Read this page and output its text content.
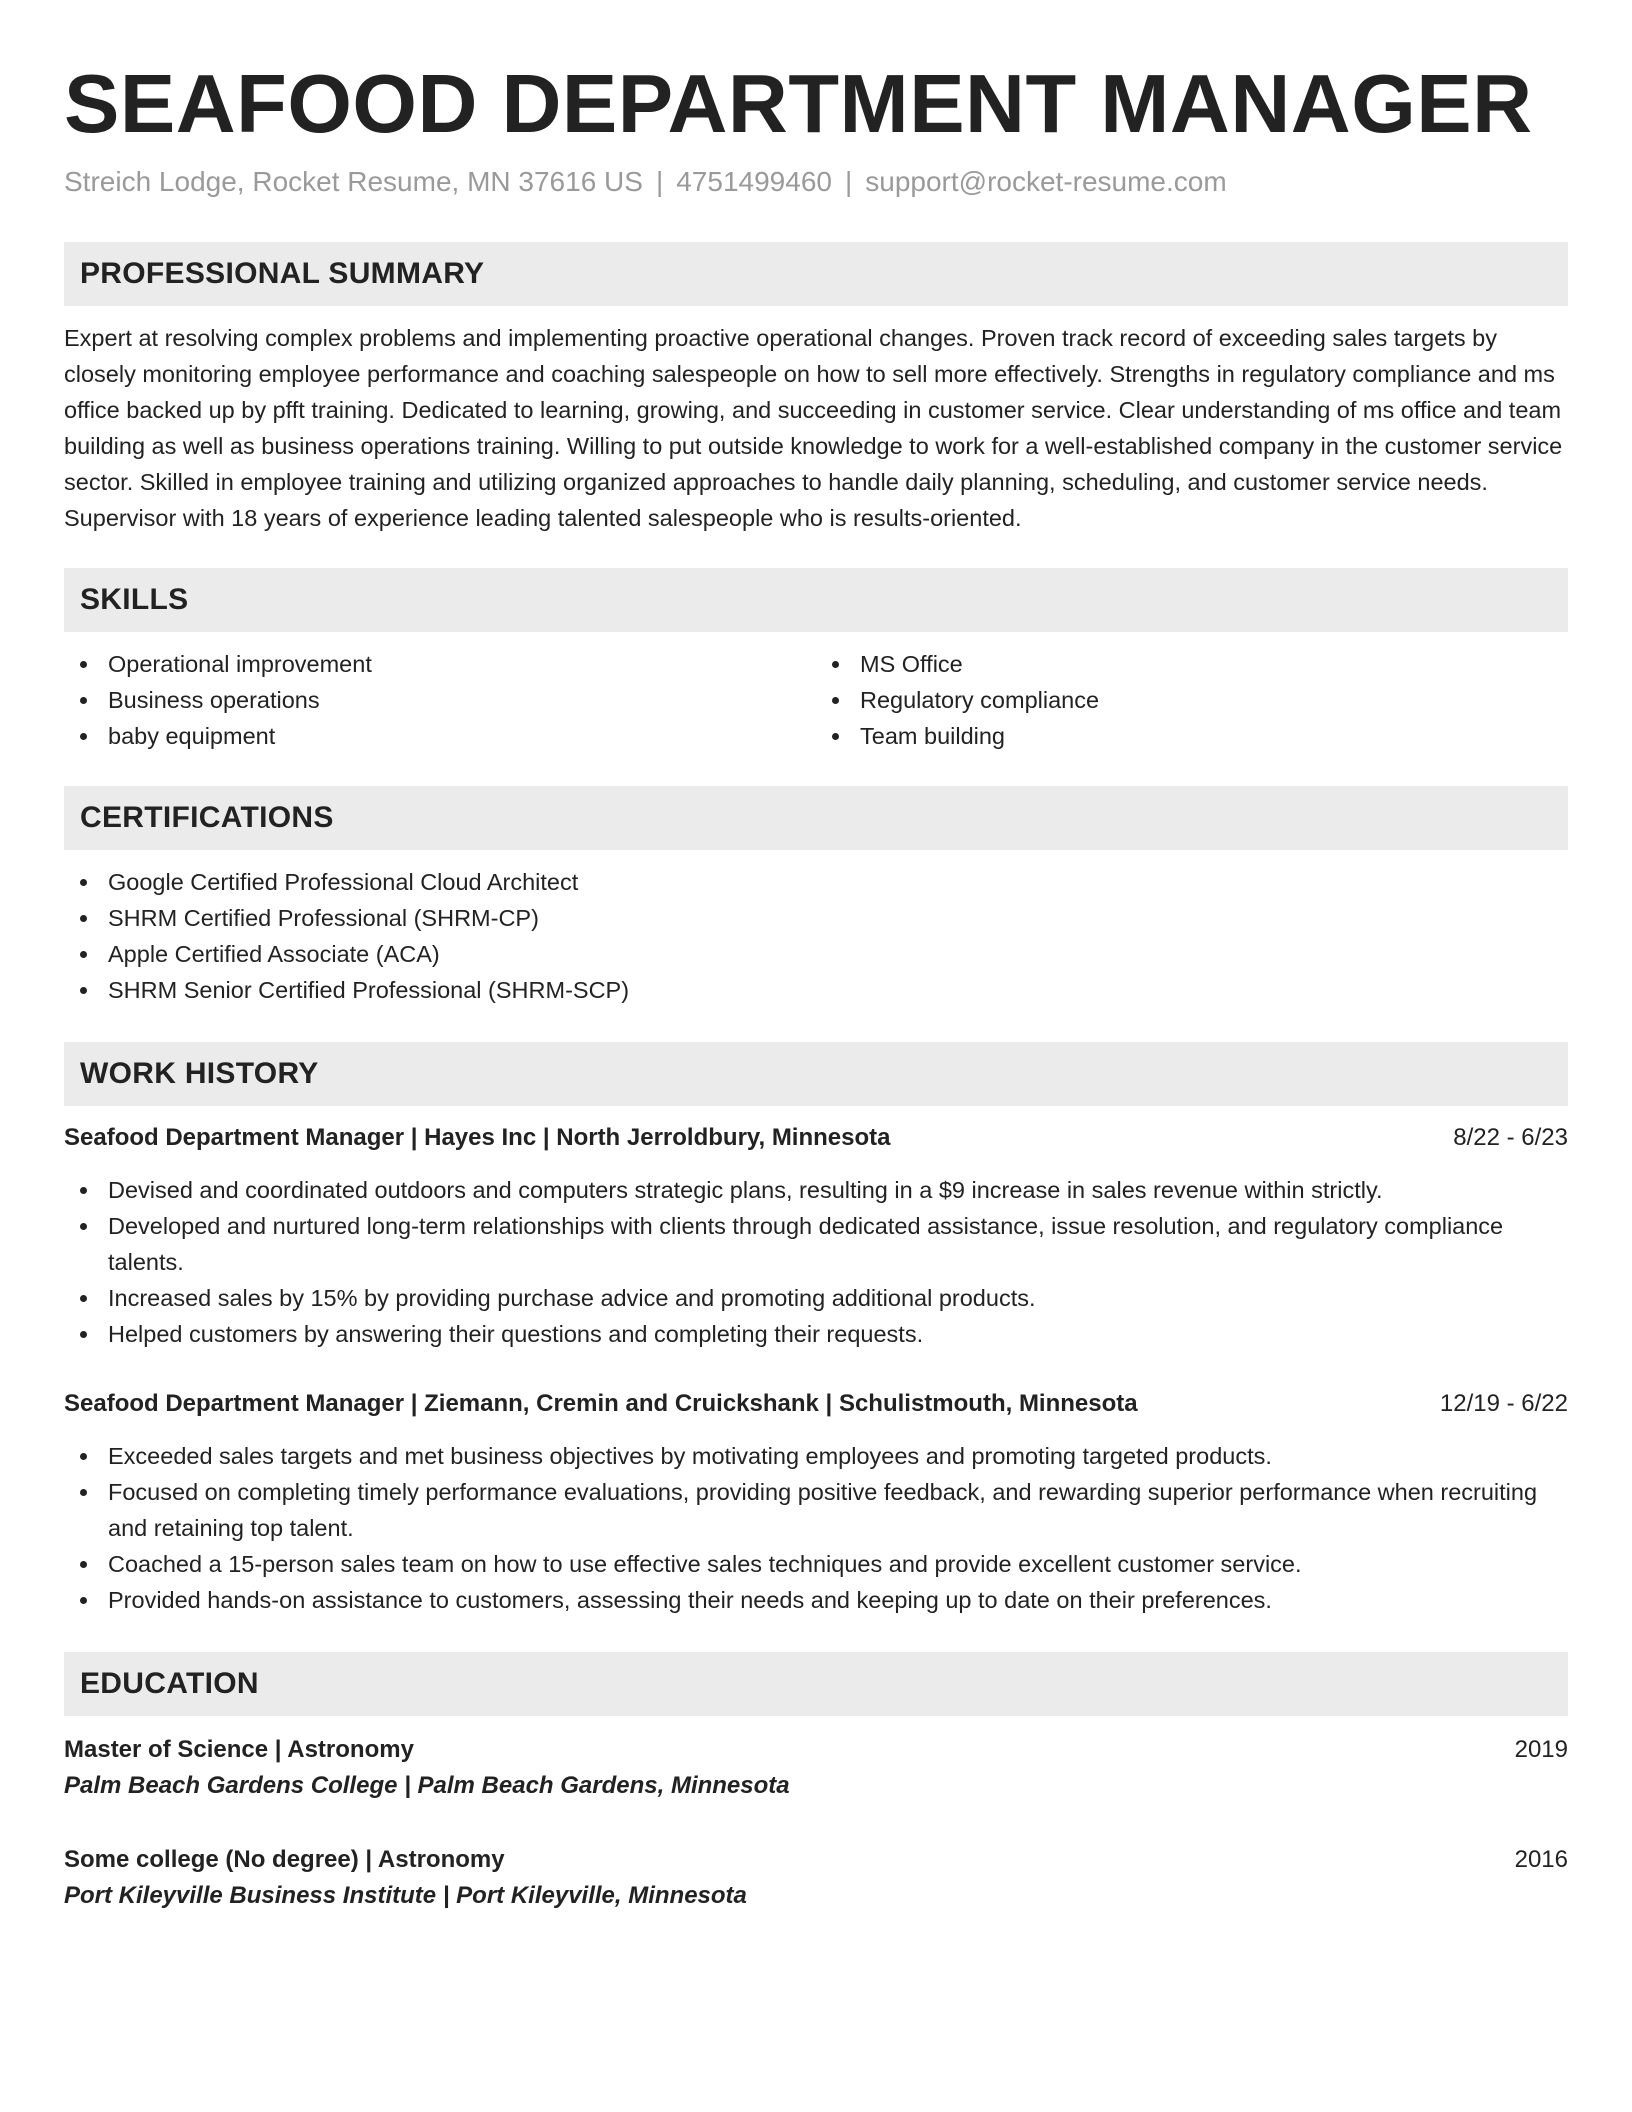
SEAFOOD DEPARTMENT MANAGER
Streich Lodge, Rocket Resume, MN 37616 US | 4751499460 | support@rocket-resume.com
PROFESSIONAL SUMMARY

Expert at resolving complex problems and implementing proactive operational changes. Proven track record of exceeding sales targets by closely monitoring employee performance and coaching salespeople on how to sell more effectively. Strengths in regulatory compliance and ms office backed up by pfft training. Dedicated to learning, growing, and succeeding in customer service. Clear understanding of ms office and team building as well as business operations training. Willing to put outside knowledge to work for a well-established company in the customer service sector. Skilled in employee training and utilizing organized approaches to handle daily planning, scheduling, and customer service needs. Supervisor with 18 years of experience leading talented salespeople who is results-oriented.

SKILLS
Operational improvement
Business operations
baby equipment
MS Office
Regulatory compliance
Team building
CERTIFICATIONS
Google Certified Professional Cloud Architect
SHRM Certified Professional (SHRM-CP)
Apple Certified Associate (ACA)
SHRM Senior Certified Professional (SHRM-SCP)
WORK HISTORY
Seafood Department Manager | Hayes Inc | North Jerroldbury, Minnesota	8/22 - 6/23
Devised and coordinated outdoors and computers strategic plans, resulting in a $9 increase in sales revenue within strictly.
Developed and nurtured long-term relationships with clients through dedicated assistance, issue resolution, and regulatory compliance talents.
Increased sales by 15% by providing purchase advice and promoting additional products.
Helped customers by answering their questions and completing their requests.
Seafood Department Manager | Ziemann, Cremin and Cruickshank | Schulistmouth, Minnesota	12/19 - 6/22
Exceeded sales targets and met business objectives by motivating employees and promoting targeted products.
Focused on completing timely performance evaluations, providing positive feedback, and rewarding superior performance when recruiting and retaining top talent.
Coached a 15-person sales team on how to use effective sales techniques and provide excellent customer service.
Provided hands-on assistance to customers, assessing their needs and keeping up to date on their preferences.
EDUCATION
Master of Science | Astronomy	2019
Palm Beach Gardens College | Palm Beach Gardens, Minnesota
Some college (No degree) | Astronomy	2016
Port Kileyville Business Institute | Port Kileyville, Minnesota
